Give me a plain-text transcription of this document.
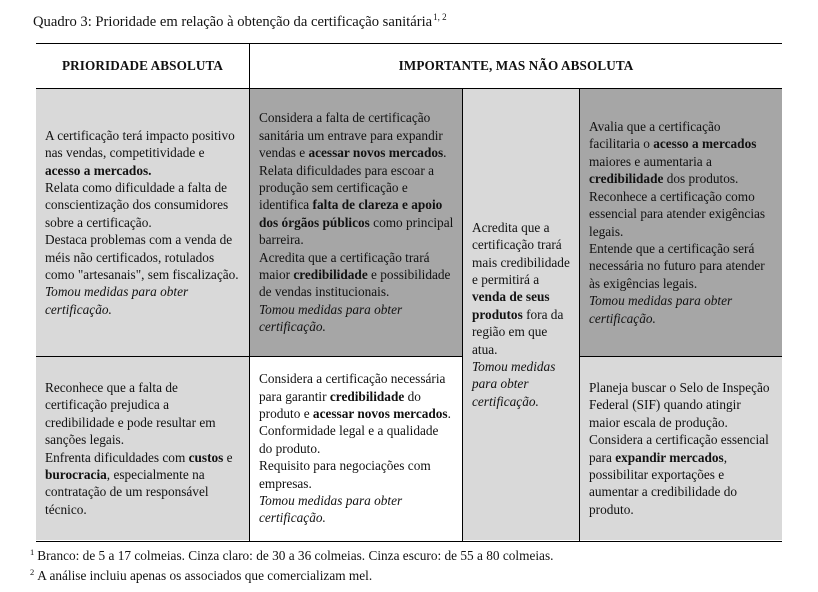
Quadro 3: Prioridade em relação à obtenção da certificação sanitária$^{1, 2}$
PRIORIDADE ABSOLUTA	IMPORTANTE, MAS NÃO ABSOLUTA
A certificação terá impacto positivo nas vendas, competitividade e acesso a mercados.
Relata como dificuldade a falta de conscientização dos consumidores sobre a certificação.
Destaca problemas com a venda de méis não certificados, rotulados como "artesanais", sem fiscalização.
Tomou medidas para obter certificação.
Considera a falta de certificação sanitária um entrave para expandir vendas e acessar novos mercados.
Relata dificuldades para escoar a produção sem certificação e identifica falta de clareza e apoio dos órgãos públicos como principal barreira.
Acredita que a certificação trará maior credibilidade e possibilidade de vendas institucionais.
Tomou medidas para obter certificação.
Acredita que a certificação trará mais credibilidade e permitirá a venda de seus produtos fora da região em que atua.
Tomou medidas para obter certificação.
Avalia que a certificação facilitaria o acesso a mercados maiores e aumentaria a credibilidade dos produtos.
Reconhece a certificação como essencial para atender exigências legais.
Entende que a certificação será necessária no futuro para atender às exigências legais.
Tomou medidas para obter certificação.
Reconhece que a falta de certificação prejudica a credibilidade e pode resultar em sanções legais.
Enfrenta dificuldades com custos e burocracia, especialmente na contratação de um responsável técnico.
Considera a certificação necessária para garantir credibilidade do produto e acessar novos mercados.
Conformidade legal e a qualidade do produto.
Requisito para negociações com empresas.
Tomou medidas para obter certificação.
Planeja buscar o Selo de Inspeção Federal (SIF) quando atingir maior escala de produção.
Considera a certificação essencial para expandir mercados, possibilitar exportações e aumentar a credibilidade do produto.
$^1$ Branco: de 5 a 17 colmeias. Cinza claro: de 30 a 36 colmeias. Cinza escuro: de 55 a 80 colmeias.
$^2$ A análise incluiu apenas os associados que comercializam mel.
